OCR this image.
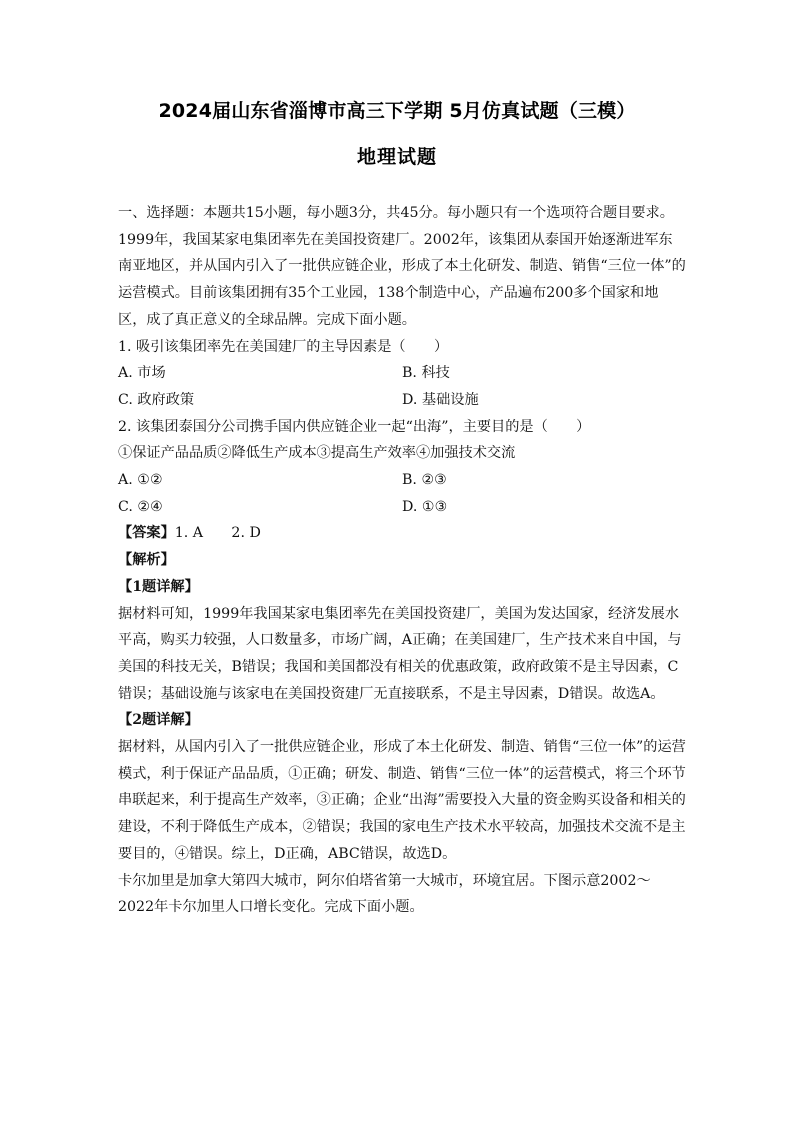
2024届山东省淄博市高三下学期 5月仿真试题（三模）
地理试题

一、选择题：本题共15小题，每小题3分，共45分。每小题只有一个选项符合题目要求。

1999年，我国某家电集团率先在美国投资建厂。2002年，该集团从泰国开始逐渐进军东南亚地区，并从国内引入了一批供应链企业，形成了本土化研发、制造、销售“三位一体”的运营模式。目前该集团拥有35个工业园，138个制造中心，产品遍布200多个国家和地区，成了真正意义的全球品牌。完成下面小题。

1. 吸引该集团率先在美国建厂的主导因素是（　　）

A. 市场	B. 科技
C. 政府政策	D. 基础设施

2. 该集团泰国分公司携手国内供应链企业一起“出海”，主要目的是（　　）

①保证产品品质②降低生产成本③提高生产效率④加强技术交流

A. ①②	B. ②③
C. ②④	D. ①③

【答案】1. A　　2. D

【解析】

【1题详解】

据材料可知，1999年我国某家电集团率先在美国投资建厂，美国为发达国家，经济发展水平高，购买力较强，人口数量多，市场广阔，A正确；在美国建厂，生产技术来自中国，与美国的科技无关，B错误；我国和美国都没有相关的优惠政策，政府政策不是主导因素，C错误；基础设施与该家电在美国投资建厂无直接联系，不是主导因素，D错误。故选A。

【2题详解】

据材料，从国内引入了一批供应链企业，形成了本土化研发、制造、销售“三位一体”的运营模式，利于保证产品品质，①正确；研发、制造、销售“三位一体”的运营模式，将三个环节串联起来，利于提高生产效率，③正确；企业“出海”需要投入大量的资金购买设备和相关的建设，不利于降低生产成本，②错误；我国的家电生产技术水平较高，加强技术交流不是主要目的，④错误。综上，D正确，ABC错误，故选D。

卡尔加里是加拿大第四大城市，阿尔伯塔省第一大城市，环境宜居。下图示意2002～2022年卡尔加里人口增长变化。完成下面小题。
